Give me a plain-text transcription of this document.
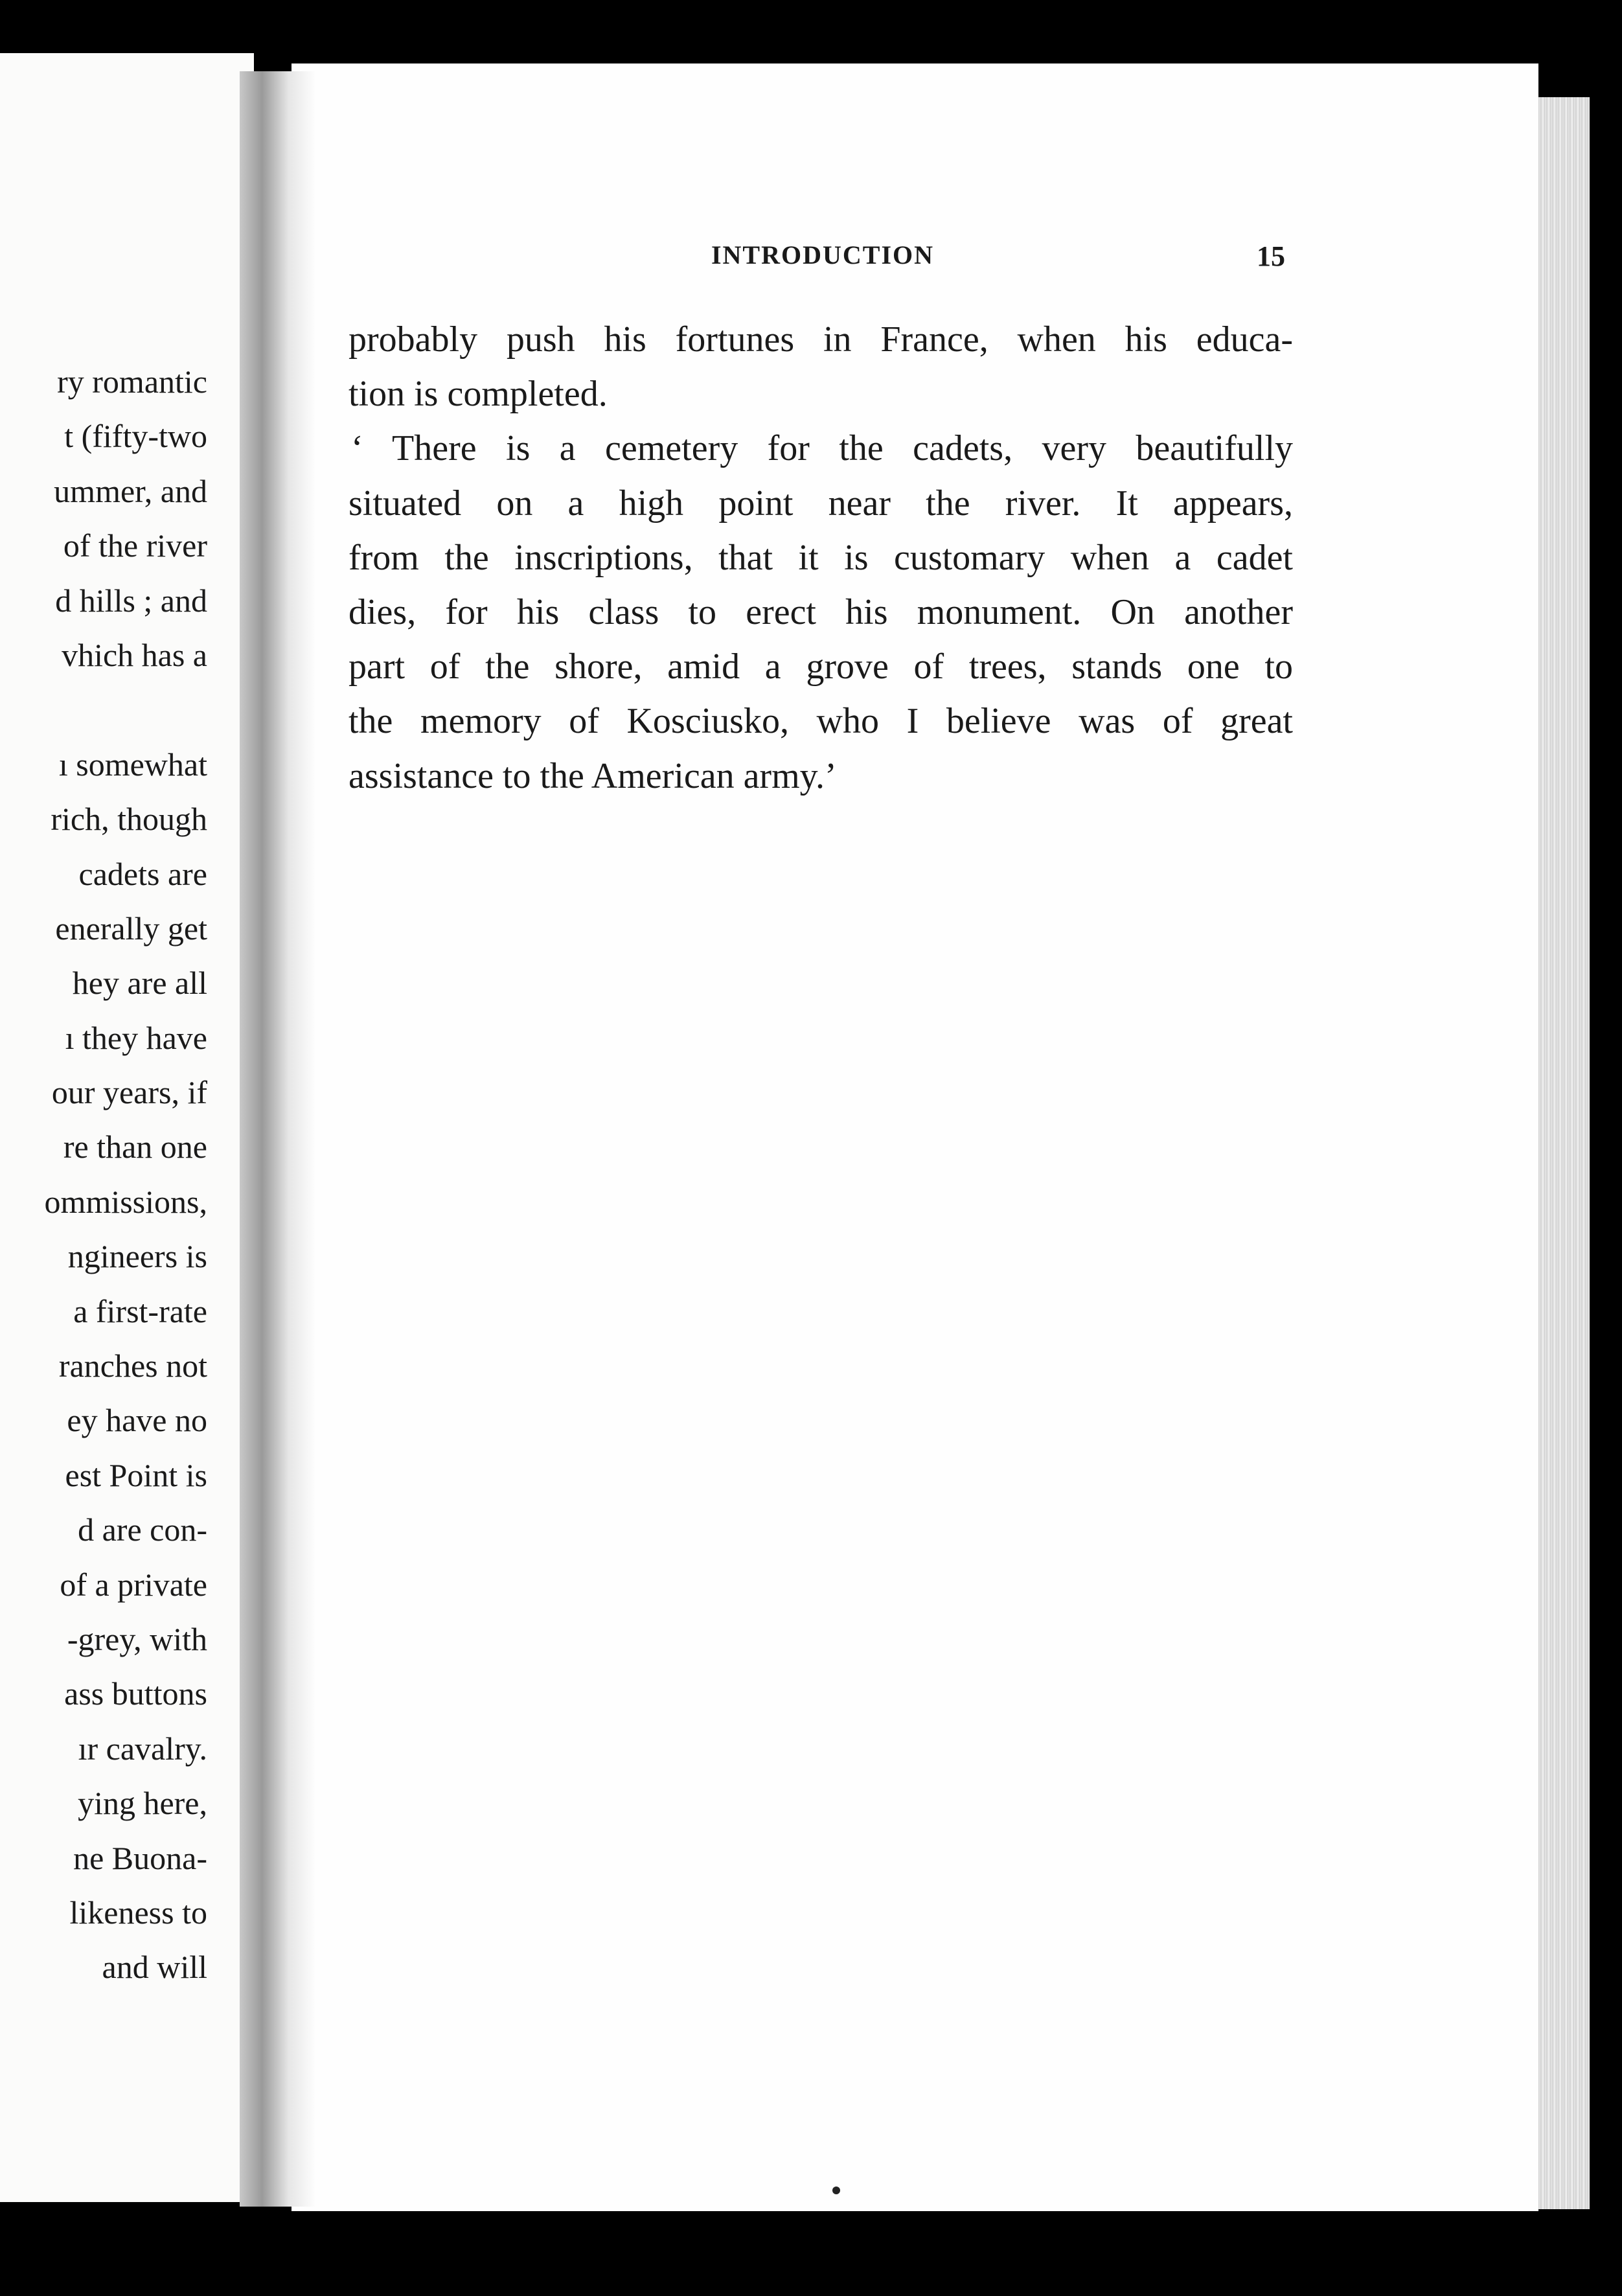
ry romantic
t (fifty-two
ummer, and
of the river
d hills ; and
vhich has a
ı somewhat
rich, though
cadets are
enerally get
hey are all
ı they have
our years, if
re than one
ommissions,
ngineers is
a first-rate
ranches not
ey have no
est Point is
d are con-
of a private
-grey, with
ass buttons
ır cavalry.
ying here,
ne Buona-
likeness to
and will
INTRODUCTION	15
probably push his fortunes in France, when his educa-
tion is completed.
‘ There is a cemetery for the cadets, very beautifully
situated on a high point near the river. It appears,
from the inscriptions, that it is customary when a cadet
dies, for his class to erect his monument. On another
part of the shore, amid a grove of trees, stands one to
the memory of Kosciusko, who I believe was of great
assistance to the American army.’
